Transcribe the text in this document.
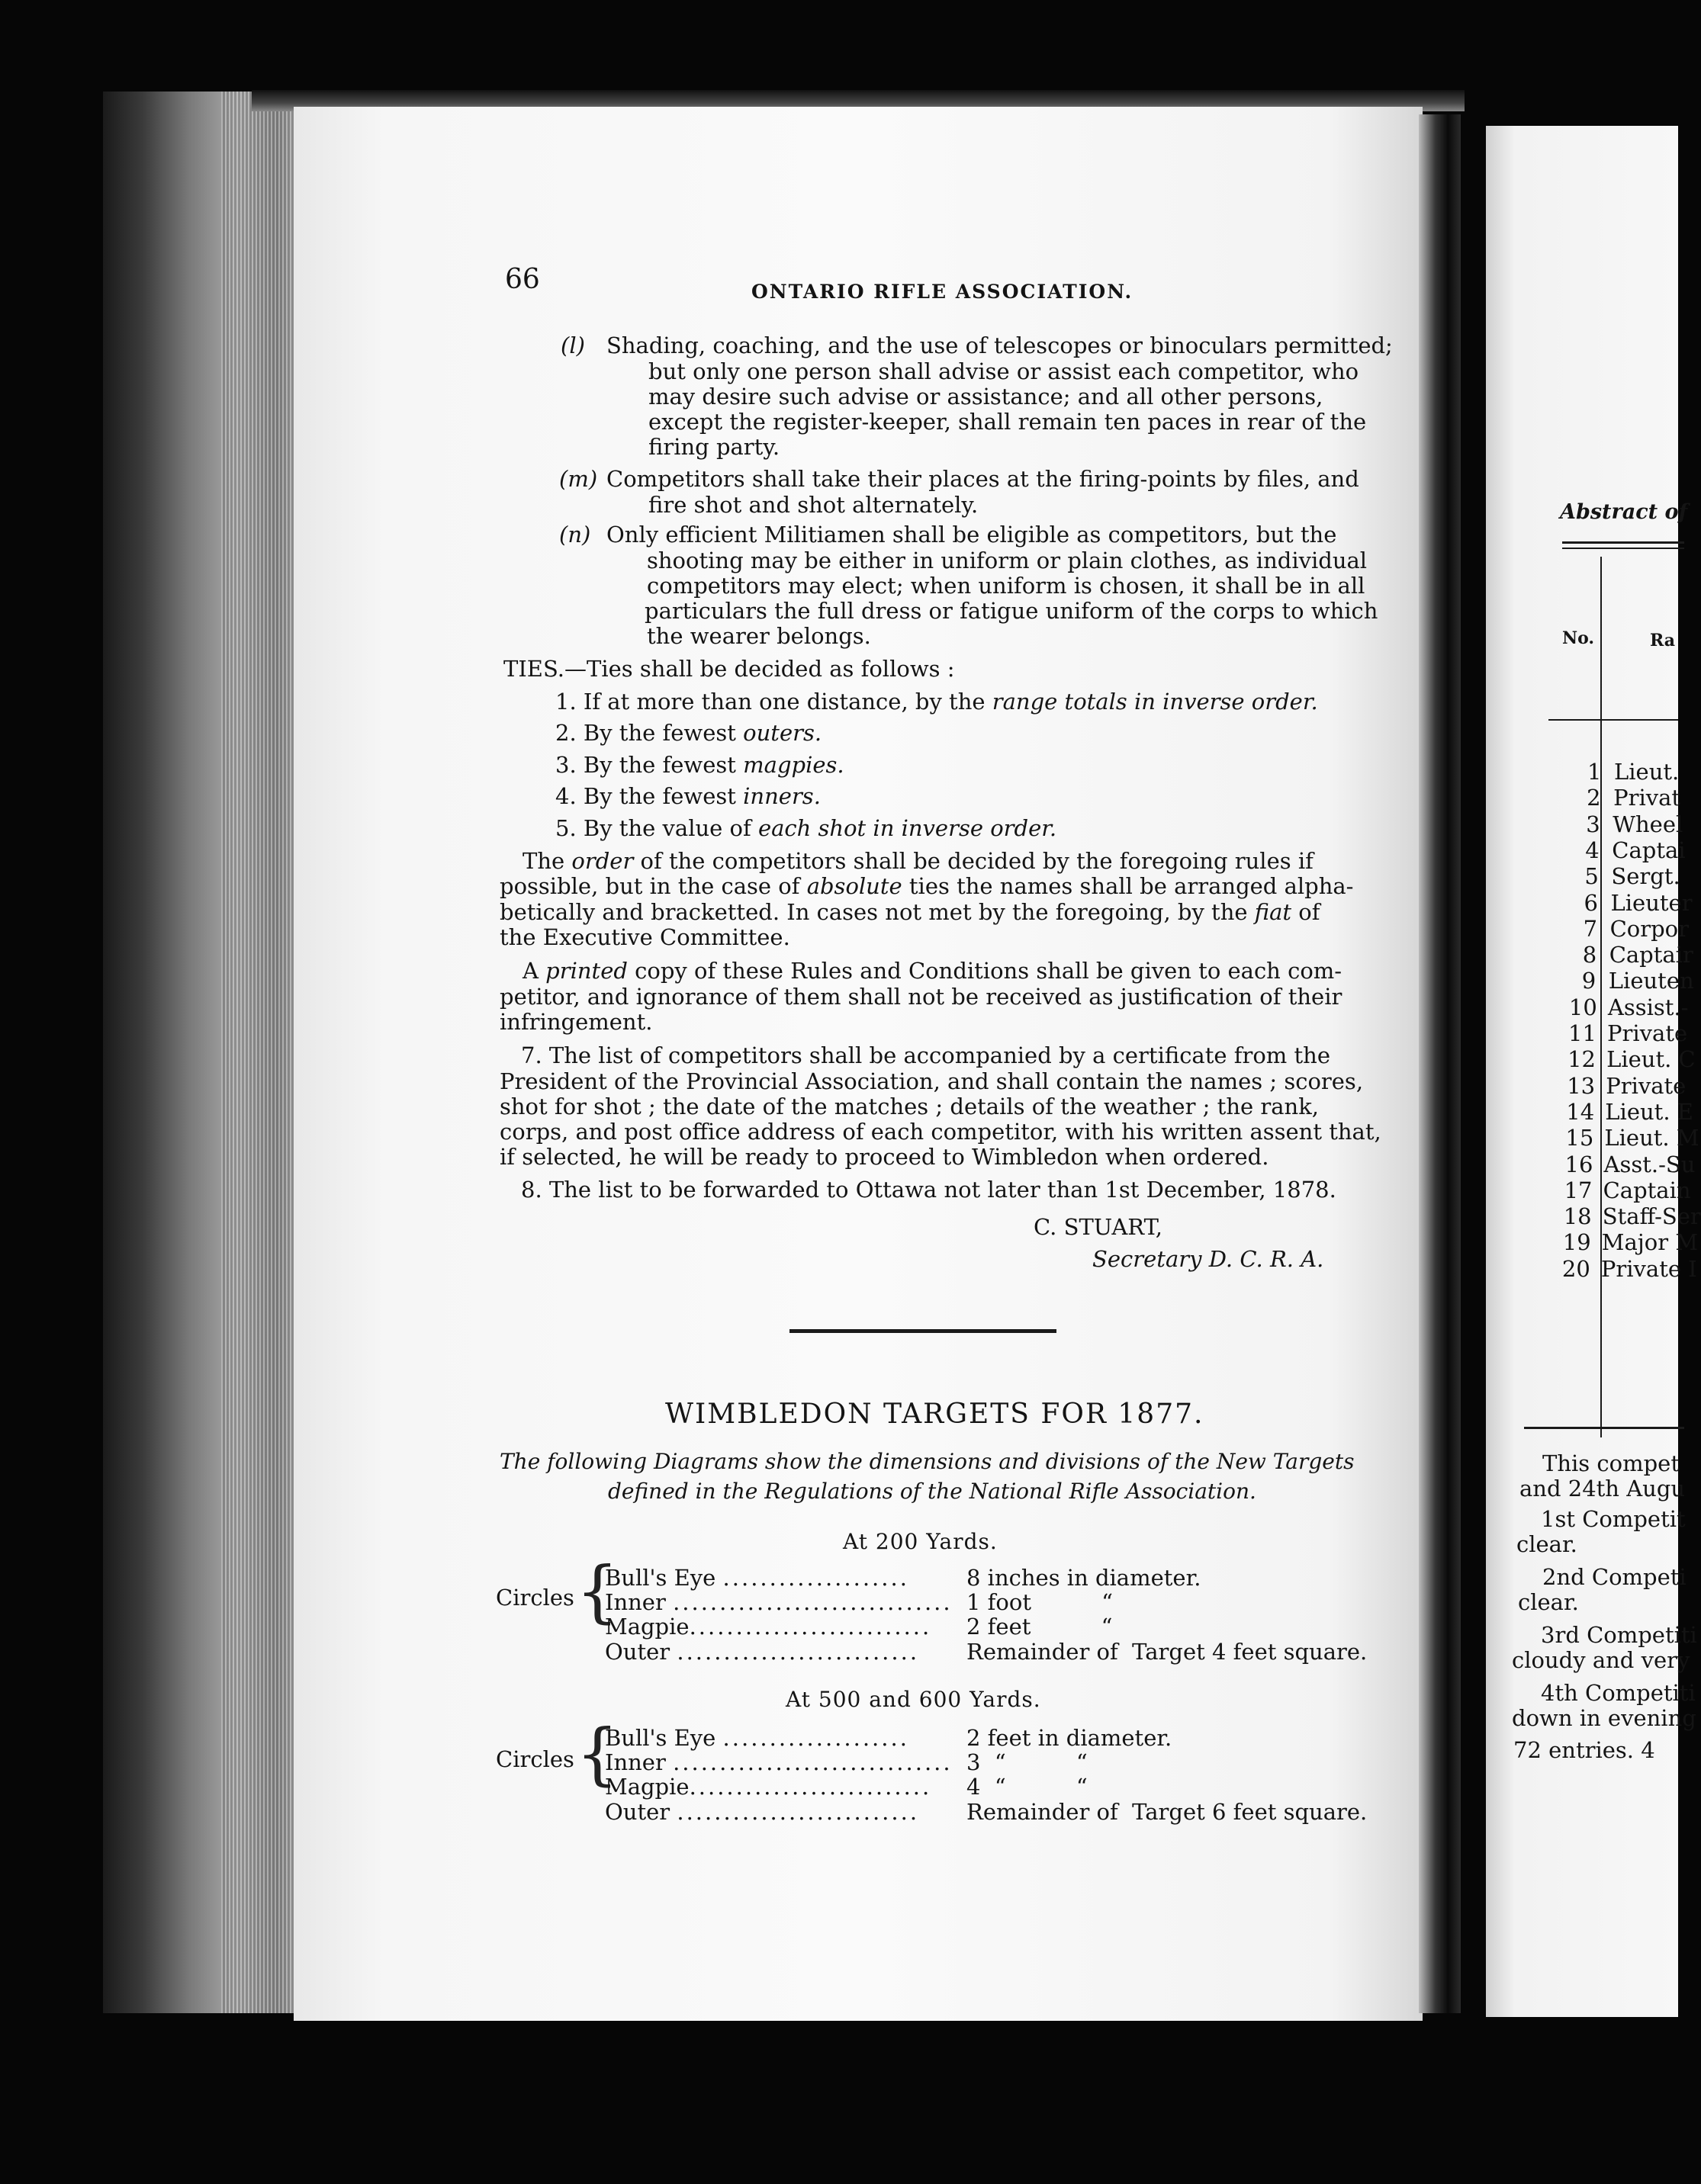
66	ONTARIO RIFLE ASSOCIATION.
(l) Shading, coaching, and the use of telescopes or binoculars permitted;
but only one person shall advise or assist each competitor, who
may desire such advise or assistance; and all other persons,
except the register-keeper, shall remain ten paces in rear of the
firing party.
(m) Competitors shall take their places at the firing-points by files, and
fire shot and shot alternately.
(n) Only efficient Militiamen shall be eligible as competitors, but the
shooting may be either in uniform or plain clothes, as individual
competitors may elect; when uniform is chosen, it shall be in all
particulars the full dress or fatigue uniform of the corps to which
the wearer belongs.
TIES.—Ties shall be decided as follows :
1. If at more than one distance, by the range totals in inverse order.
2. By the fewest outers.
3. By the fewest magpies.
4. By the fewest inners.
5. By the value of each shot in inverse order.
The order of the competitors shall be decided by the foregoing rules if
possible, but in the case of absolute ties the names shall be arranged alpha-
betically and bracketted. In cases not met by the foregoing, by the fiat of
the Executive Committee.
A printed copy of these Rules and Conditions shall be given to each com-
petitor, and ignorance of them shall not be received as justification of their
infringement.
7. The list of competitors shall be accompanied by a certificate from the
President of the Provincial Association, and shall contain the names ; scores,
shot for shot ; the date of the matches ; details of the weather ; the rank,
corps, and post office address of each competitor, with his written assent that,
if selected, he will be ready to proceed to Wimbledon when ordered.
8. The list to be forwarded to Ottawa not later than 1st December, 1878.
C. STUART,
Secretary D. C. R. A.
WIMBLEDON TARGETS FOR 1877.
The following Diagrams show the dimensions and divisions of the New Targets
defined in the Regulations of the National Rifle Association.
At 200 Yards.
Circles {
Bull's Eye ....................	8 inches in diameter.
Inner .............................. 1 foot          “
Magpie.......................... 2 feet          “
Outer .......................... Remainder of  Target 4 feet square.
At 500 and 600 Yards.
Circles {
Bull's Eye ....................	2 feet in diameter.
Inner .............................. 3  “          “
Magpie.......................... 4  “          “
Outer .......................... Remainder of  Target 6 feet square.
Abstract of
No.	Ra
1 Lieut.
2 Privat
3 Wheel
4 Captai
5 Sergt.
6 Lieuter
7 Corpor
8 Captair
9 Lieuten
10 Assist.-
11 Private
12 Lieut. C
13 Private
14 Lieut. E
15 Lieut. M
16 Asst.-Su
17 Captain
18 Staff-Ser
19 Major M
20 Private I
This compet
and 24th Augu
1st Competit
clear.
2nd Competi
clear.
3rd Competiti
cloudy and very
4th Competiti
down in evening
72 entries. 4
